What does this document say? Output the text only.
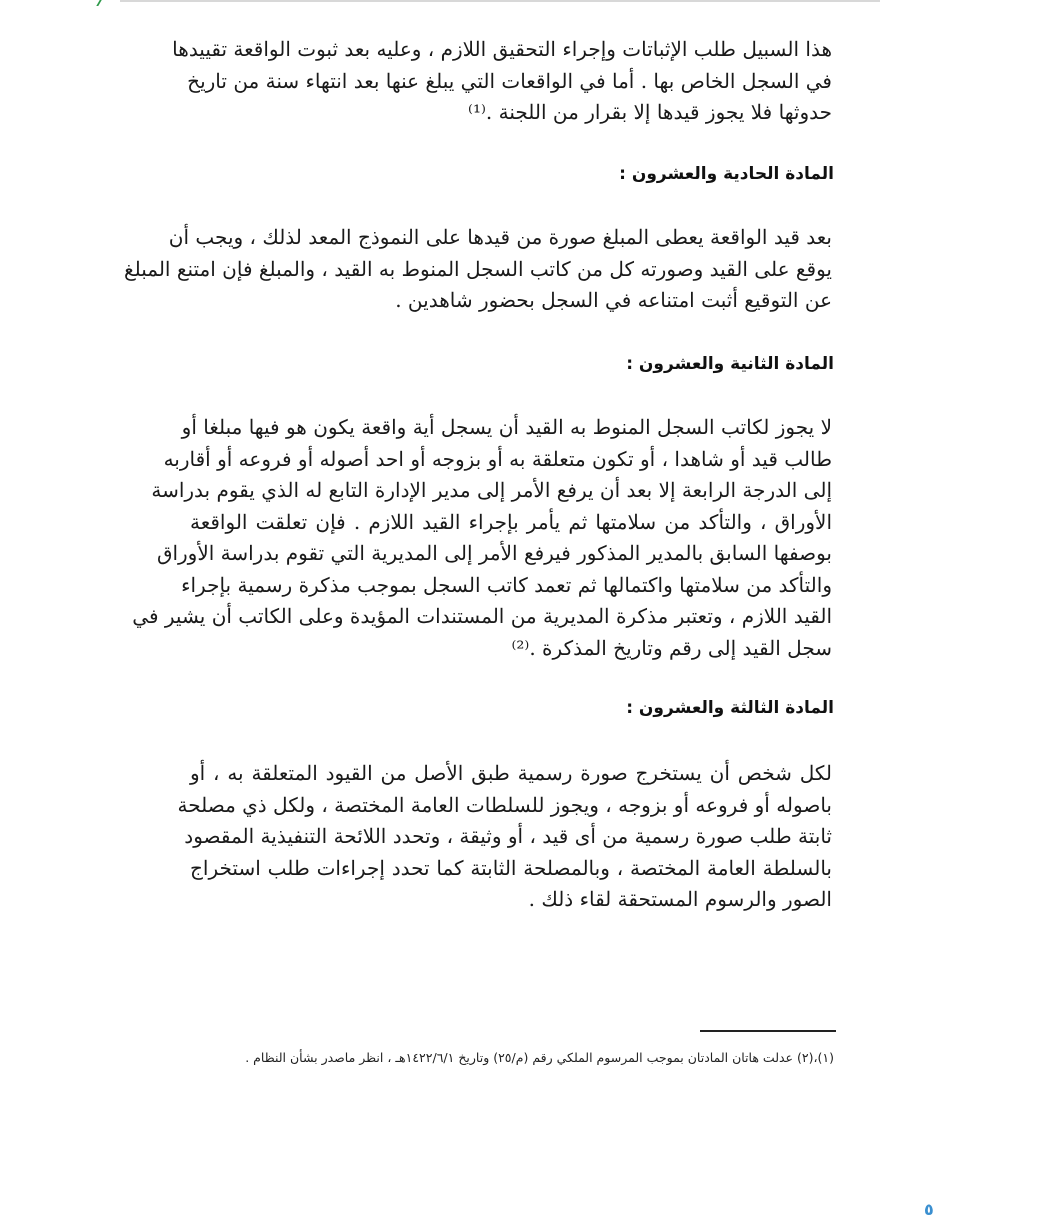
هذا السبيل طلب الإثباتات وإجراء التحقيق اللازم ، وعليه بعد ثبوت الواقعة تقييدها
في السجل الخاص بها . أما في الواقعات التي يبلغ عنها بعد انتهاء سنة من تاريخ
حدوثها فلا يجوز قيدها إلا بقرار من اللجنة .⁽¹⁾
المادة الحادية والعشرون :
بعد قيد الواقعة يعطى المبلغ صورة من قيدها على النموذج المعد لذلك ، ويجب أن
يوقع على القيد وصورته كل من كاتب السجل المنوط به القيد ، والمبلغ فإن امتنع المبلغ
عن التوقيع أثبت امتناعه في السجل بحضور شاهدين .
المادة الثانية والعشرون :
لا يجوز لكاتب السجل المنوط به القيد أن يسجل أية واقعة يكون هو فيها مبلغا أو
طالب قيد أو شاهدا ، أو تكون متعلقة به أو بزوجه أو احد أصوله أو فروعه أو أقاربه
إلى الدرجة الرابعة إلا بعد أن يرفع الأمر إلى مدير الإدارة التابع له الذي يقوم بدراسة
الأوراق ، والتأكد من سلامتها ثم يأمر بإجراء القيد اللازم . فإن تعلقت الواقعة
بوصفها السابق بالمدير المذكور فيرفع الأمر إلى المديرية التي تقوم بدراسة الأوراق
والتأكد من سلامتها واكتمالها ثم تعمد كاتب السجل بموجب مذكرة رسمية بإجراء
القيد اللازم ، وتعتبر مذكرة المديرية من المستندات المؤيدة وعلى الكاتب أن يشير في
سجل القيد إلى رقم وتاريخ المذكرة .⁽²⁾
المادة الثالثة والعشرون :
لكل شخص أن يستخرج صورة رسمية طبق الأصل من القيود المتعلقة به ، أو
باصوله أو فروعه أو بزوجه ، ويجوز للسلطات العامة المختصة ، ولكل ذي مصلحة
ثابتة طلب صورة رسمية من أى قيد ، أو وثيقة ، وتحدد اللائحة التنفيذية المقصود
بالسلطة العامة المختصة ، وبالمصلحة الثابتة كما تحدد إجراءات طلب استخراج
الصور والرسوم المستحقة لقاء ذلك .
(١)،(٢) عدلت هاتان المادتان بموجب المرسوم الملكي رقم (م/٢٥) وتاريخ ١٤٢٢/٦/١هـ ، انظر ماصدر بشأن النظام .
٥
